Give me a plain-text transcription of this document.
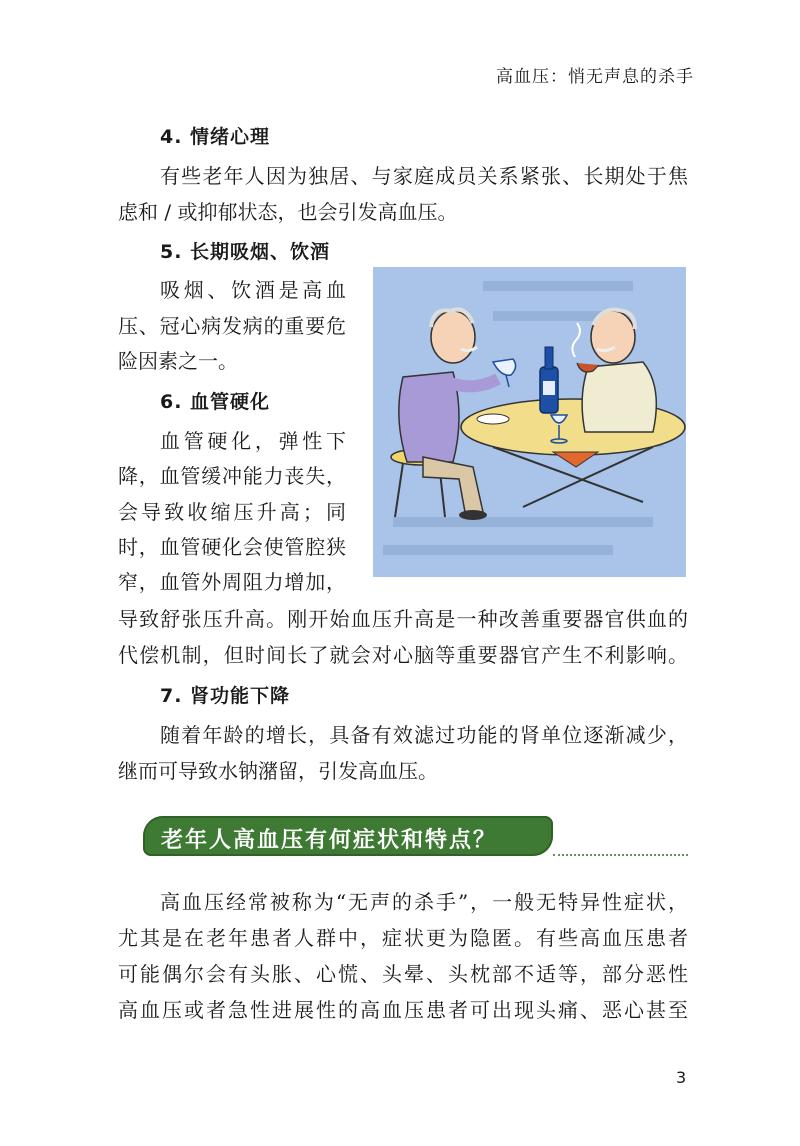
高血压：悄无声息的杀手
4. 情绪心理
有些老年人因为独居、与家庭成员关系紧张、长期处于焦
虑和 / 或抑郁状态，也会引发高血压。
5. 长期吸烟、饮酒
吸烟、饮酒是高血
压、冠心病发病的重要危
险因素之一。
6. 血管硬化
血管硬化，弹性下
降，血管缓冲能力丧失，
会导致收缩压升高；同
时，血管硬化会使管腔狭
窄，血管外周阻力增加，
导致舒张压升高。刚开始血压升高是一种改善重要器官供血的
代偿机制，但时间长了就会对心脑等重要器官产生不利影响。
7. 肾功能下降
随着年龄的增长，具备有效滤过功能的肾单位逐渐减少，
继而可导致水钠潴留，引发高血压。
老年人高血压有何症状和特点？
高血压经常被称为“无声的杀手”，一般无特异性症状，
尤其是在老年患者人群中，症状更为隐匿。有些高血压患者
可能偶尔会有头胀、心慌、头晕、头枕部不适等，部分恶性
高血压或者急性进展性的高血压患者可出现头痛、恶心甚至
3
